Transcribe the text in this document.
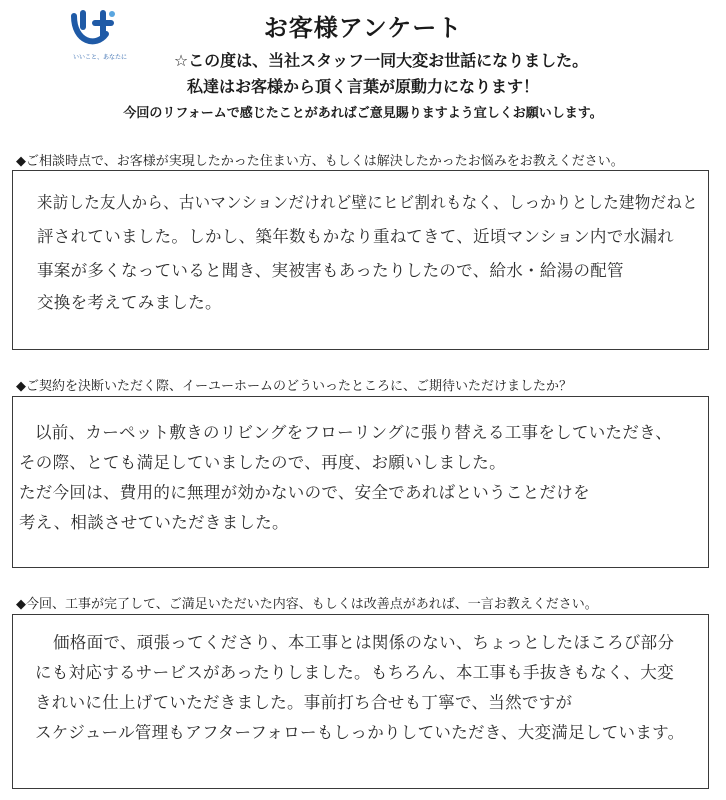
いいこと、あなたに
お客様アンケート
☆この度は、当社スタッフ一同大変お世話になりました。
私達はお客様から頂く言葉が原動力になります！
今回のリフォームで感じたことがあればご意見賜りますよう宜しくお願いします。
◆ご相談時点で、お客様が実現したかった住まい方、もしくは解決したかったお悩みをお教えください。
来訪した友人から、古いマンションだけれど壁にヒビ割れもなく、しっかりとした建物だねと
評されていました。しかし、築年数もかなり重ねてきて、近頃マンション内で水漏れ
事案が多くなっていると聞き、実被害もあったりしたので、給水・給湯の配管
交換を考えてみました。
◆ご契約を決断いただく際、イーユーホームのどういったところに、ご期待いただけましたか？
以前、カーペット敷きのリビングをフローリングに張り替える工事をしていただき、
その際、とても満足していましたので、再度、お願いしました。
ただ今回は、費用的に無理が効かないので、安全であればということだけを
考え、相談させていただきました。
◆今回、工事が完了して、ご満足いただいた内容、もしくは改善点があれば、一言お教えください。
価格面で、頑張ってくださり、本工事とは関係のない、ちょっとしたほころび部分
にも対応するサービスがあったりしました。もちろん、本工事も手抜きもなく、大変
きれいに仕上げていただきました。事前打ち合せも丁寧で、当然ですが
スケジュール管理もアフターフォローもしっかりしていただき、大変満足しています。
